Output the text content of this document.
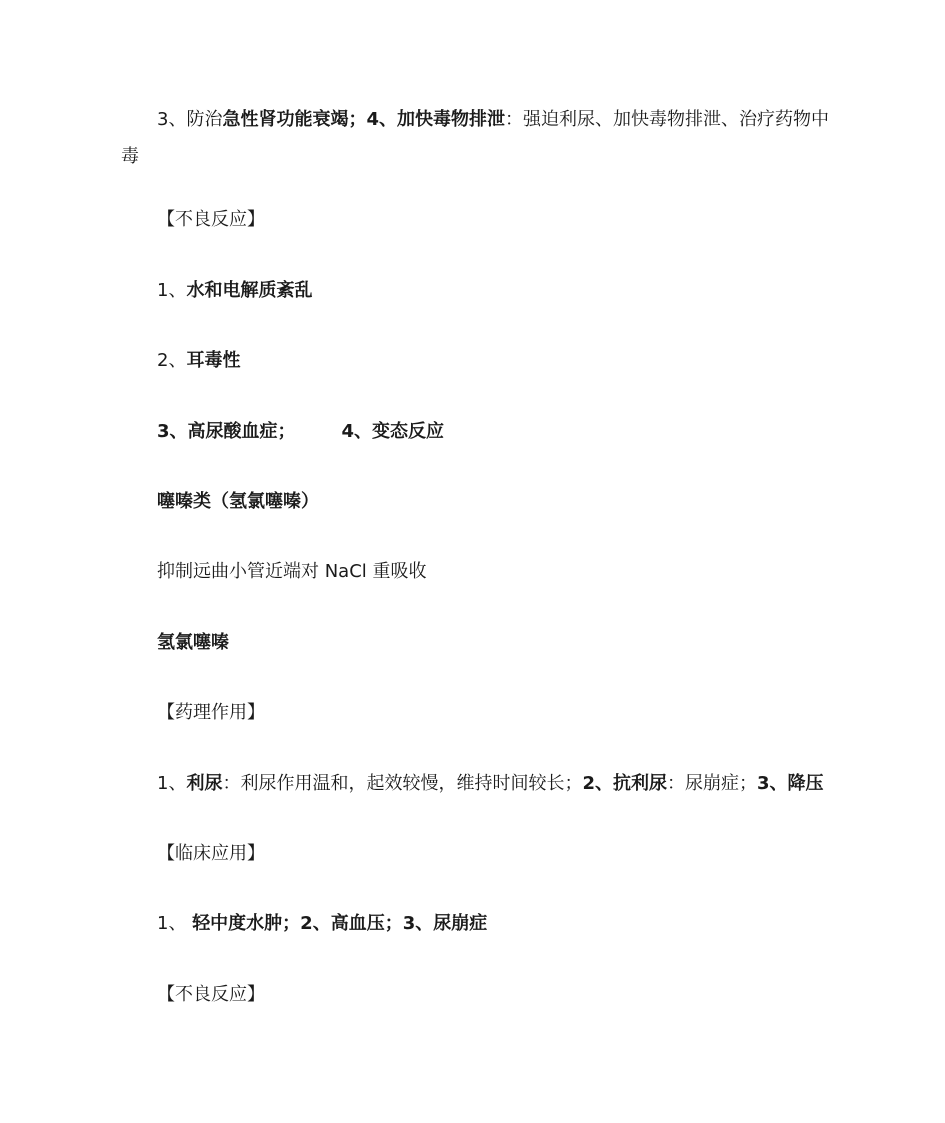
3、防治急性肾功能衰竭；4、加快毒物排泄：强迫利尿、加快毒物排泄、治疗药物中毒
【不良反应】
1、水和电解质紊乱
2、耳毒性
3、高尿酸血症；	4、变态反应
噻嗪类（氢氯噻嗪）
抑制远曲小管近端对 NaCl 重吸收
氢氯噻嗪
【药理作用】
1、利尿：利尿作用温和，起效较慢，维持时间较长；2、抗利尿：尿崩症；3、降压
【临床应用】
1、 轻中度水肿；2、高血压；3、尿崩症
【不良反应】
